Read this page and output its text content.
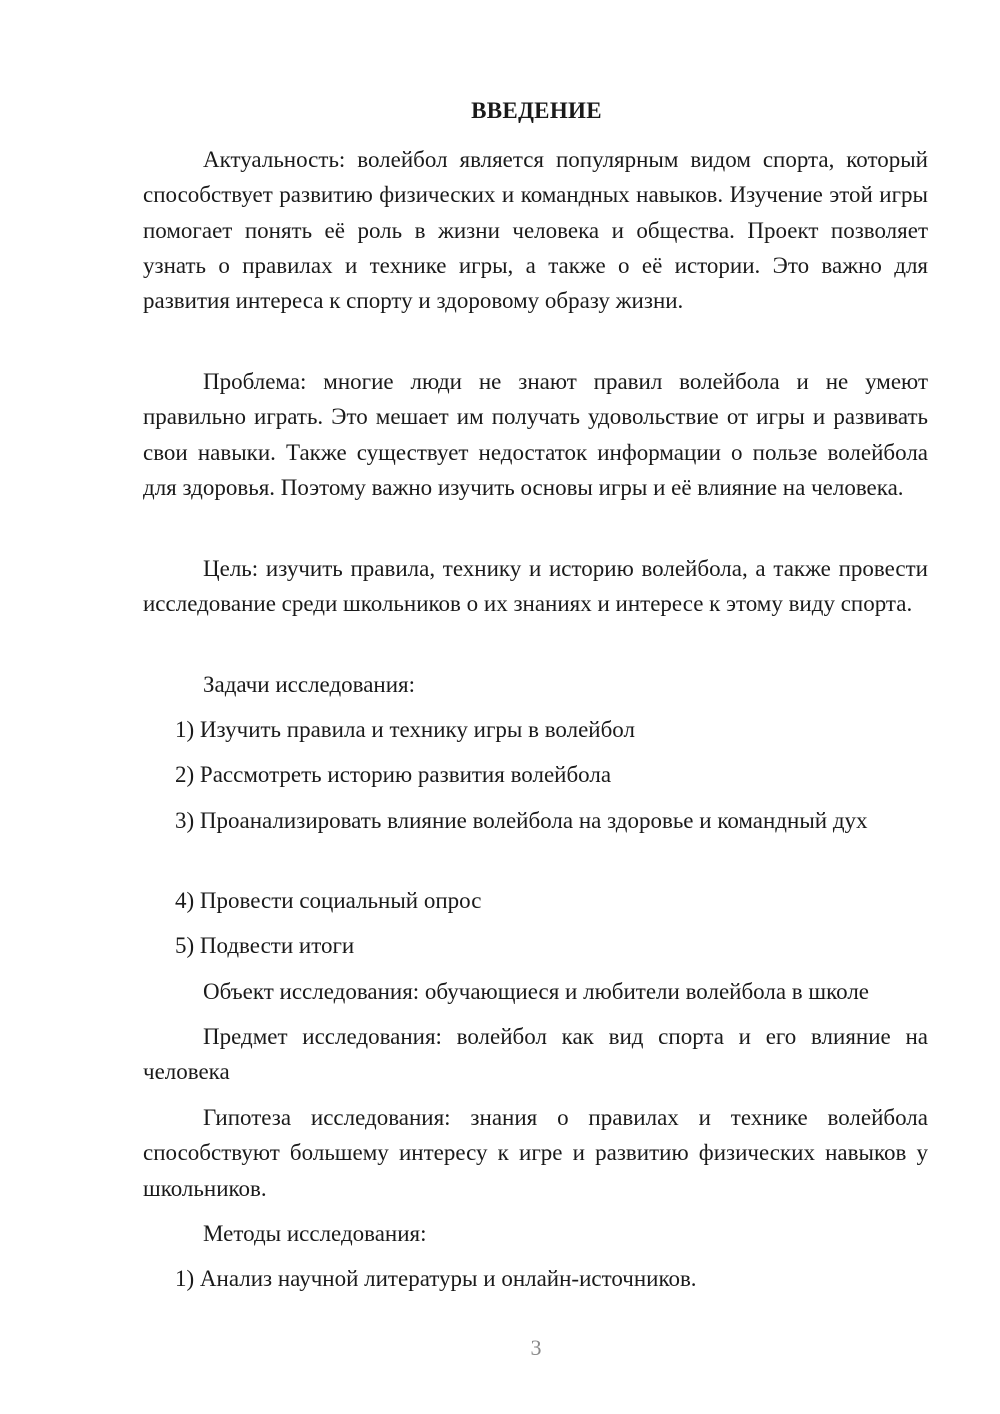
ВВЕДЕНИЕ

Актуальность: волейбол является популярным видом спорта, который способствует развитию физических и командных навыков. Изучение этой игры помогает понять её роль в жизни человека и общества. Проект позволяет узнать о правилах и технике игры, а также о её истории. Это важно для развития интереса к спорту и здоровому образу жизни.

Проблема: многие люди не знают правил волейбола и не умеют правильно играть. Это мешает им получать удовольствие от игры и развивать свои навыки. Также существует недостаток информации о пользе волейбола для здоровья. Поэтому важно изучить основы игры и её влияние на человека.

Цель: изучить правила, технику и историю волейбола, а также провести исследование среди школьников о их знаниях и интересе к этому виду спорта.

Задачи исследования:

1) Изучить правила и технику игры в волейбол

2) Рассмотреть историю развития волейбола

3) Проанализировать влияние волейбола на здоровье и командный дух

4) Провести социальный опрос

5) Подвести итоги

Объект исследования: обучающиеся и любители волейбола в школе

Предмет исследования: волейбол как вид спорта и его влияние на человека

Гипотеза исследования: знания о правилах и технике волейбола способствуют большему интересу к игре и развитию физических навыков у школьников.

Методы исследования:

1) Анализ научной литературы и онлайн-источников.

3
